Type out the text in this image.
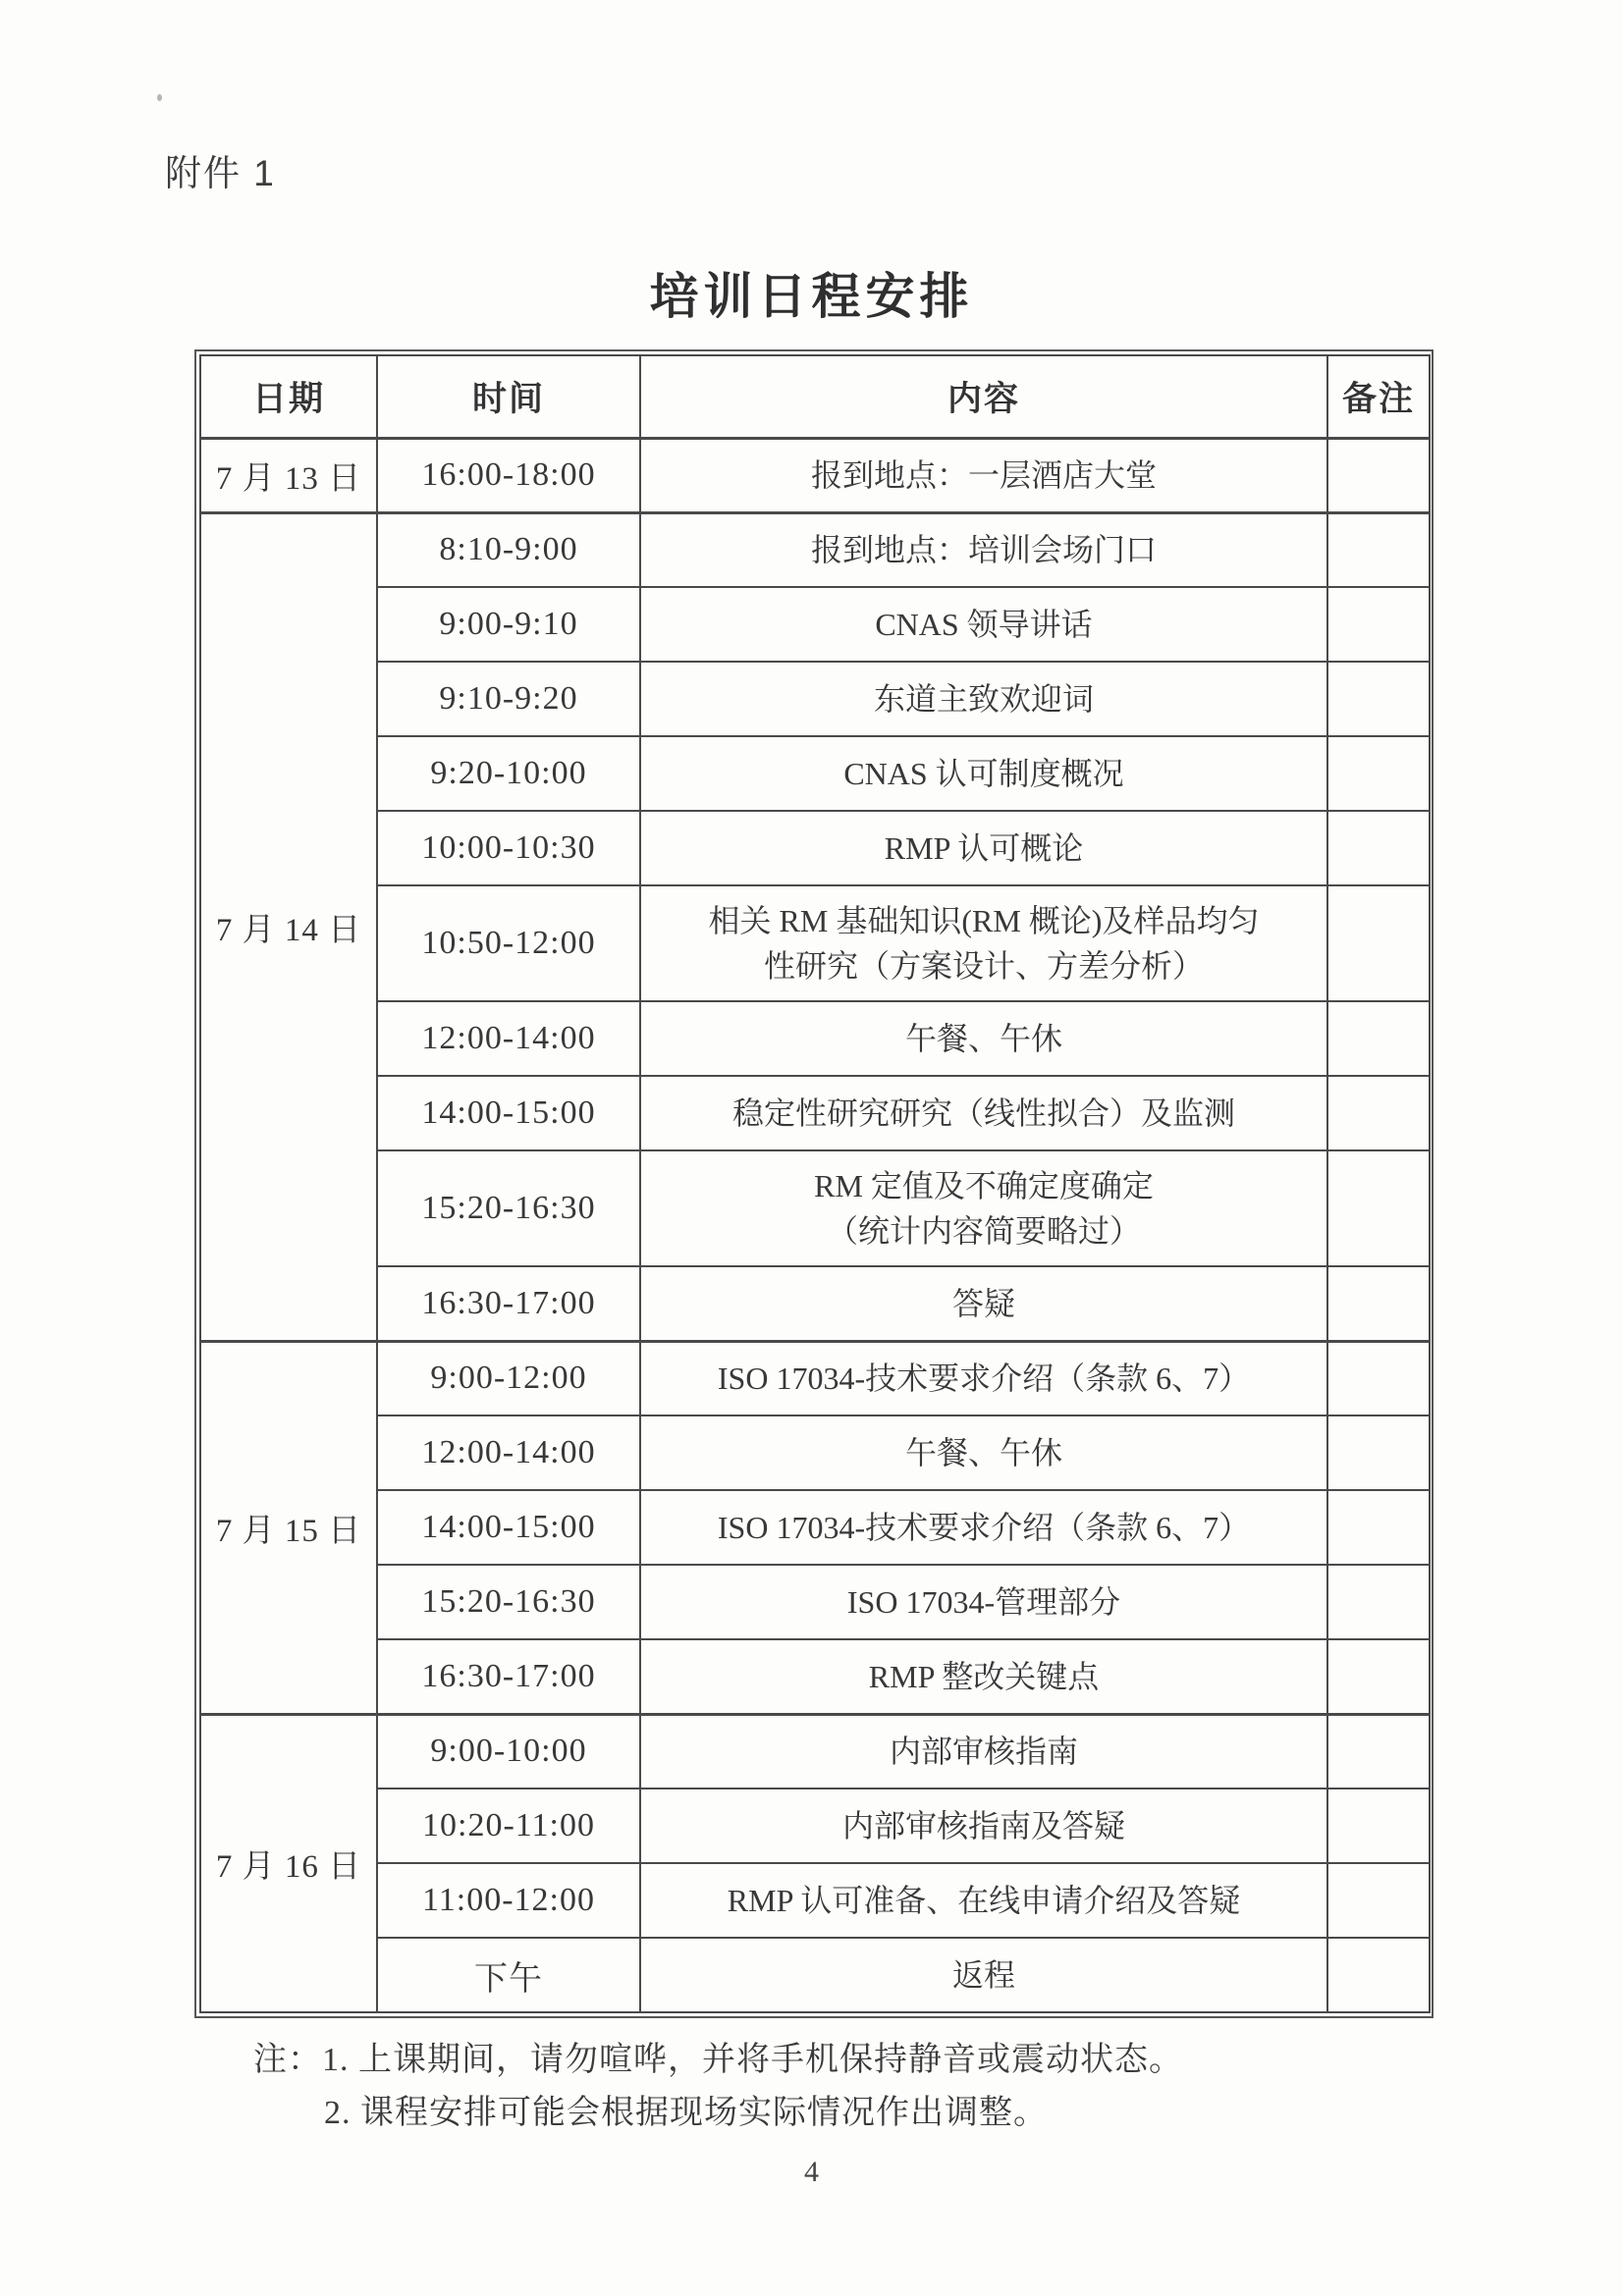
附件 1
培训日程安排
日期	时间	内容	备注
7 月 13 日	16:00-18:00	报到地点：一层酒店大堂	
7 月 14 日	8:10-9:00	报到地点：培训会场门口	
	9:00-9:10	CNAS 领导讲话	
	9:10-9:20	东道主致欢迎词	
	9:20-10:00	CNAS 认可制度概况	
	10:00-10:30	RMP 认可概论	
	10:50-12:00	相关 RM 基础知识(RM 概论)及样品均匀
性研究（方案设计、方差分析）	
	12:00-14:00	午餐、午休	
	14:00-15:00	稳定性研究研究（线性拟合）及监测	
	15:20-16:30	RM 定值及不确定度确定
（统计内容简要略过）	
	16:30-17:00	答疑	
7 月 15 日	9:00-12:00	ISO 17034-技术要求介绍（条款 6、7）	
	12:00-14:00	午餐、午休	
	14:00-15:00	ISO 17034-技术要求介绍（条款 6、7）	
	15:20-16:30	ISO 17034-管理部分	
	16:30-17:00	RMP 整改关键点	
7 月 16 日	9:00-10:00	内部审核指南	
	10:20-11:00	内部审核指南及答疑	
	11:00-12:00	RMP 认可准备、在线申请介绍及答疑	
	下午	返程	
注：1. 上课期间，请勿喧哗，并将手机保持静音或震动状态。
2. 课程安排可能会根据现场实际情况作出调整。
4
